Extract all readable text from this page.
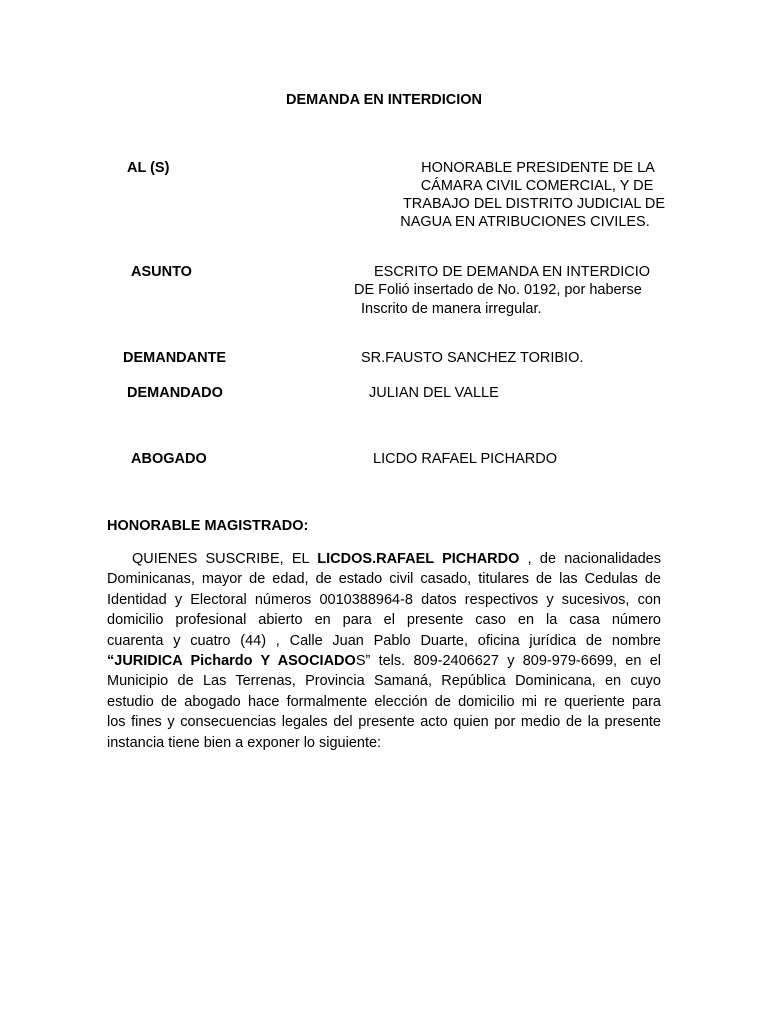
DEMANDA EN INTERDICION
AL (S)	HONORABLE PRESIDENTE DE LA
CÁMARA CIVIL COMERCIAL, Y DE
TRABAJO DEL DISTRITO JUDICIAL DE
NAGUA EN ATRIBUCIONES CIVILES.
ASUNTO	ESCRITO DE DEMANDA EN INTERDICIO
DE Folió insertado de No. 0192, por haberse
Inscrito de manera irregular.
DEMANDANTE	SR.FAUSTO SANCHEZ TORIBIO.
DEMANDADO	JULIAN DEL VALLE
ABOGADO	LICDO RAFAEL PICHARDO
HONORABLE MAGISTRADO:
QUIENES SUSCRIBE, EL LICDOS.RAFAEL PICHARDO , de nacionalidades
Dominicanas, mayor de edad, de estado civil casado, titulares de las Cedulas de
Identidad y Electoral números 0010388964-8 datos respectivos y sucesivos, con
domicilio profesional abierto en para el presente caso en la casa número
cuarenta y cuatro (44) , Calle Juan Pablo Duarte, oficina jurídica de nombre
“JURIDICA Pichardo Y ASOCIADOS” tels. 809-2406627 y 809-979-6699, en el
Municipio de Las Terrenas, Provincia Samaná, República Dominicana, en cuyo
estudio de abogado hace formalmente elección de domicilio mi re queriente para
los fines y consecuencias legales del presente acto quien por medio de la presente
instancia tiene bien a exponer lo siguiente:
